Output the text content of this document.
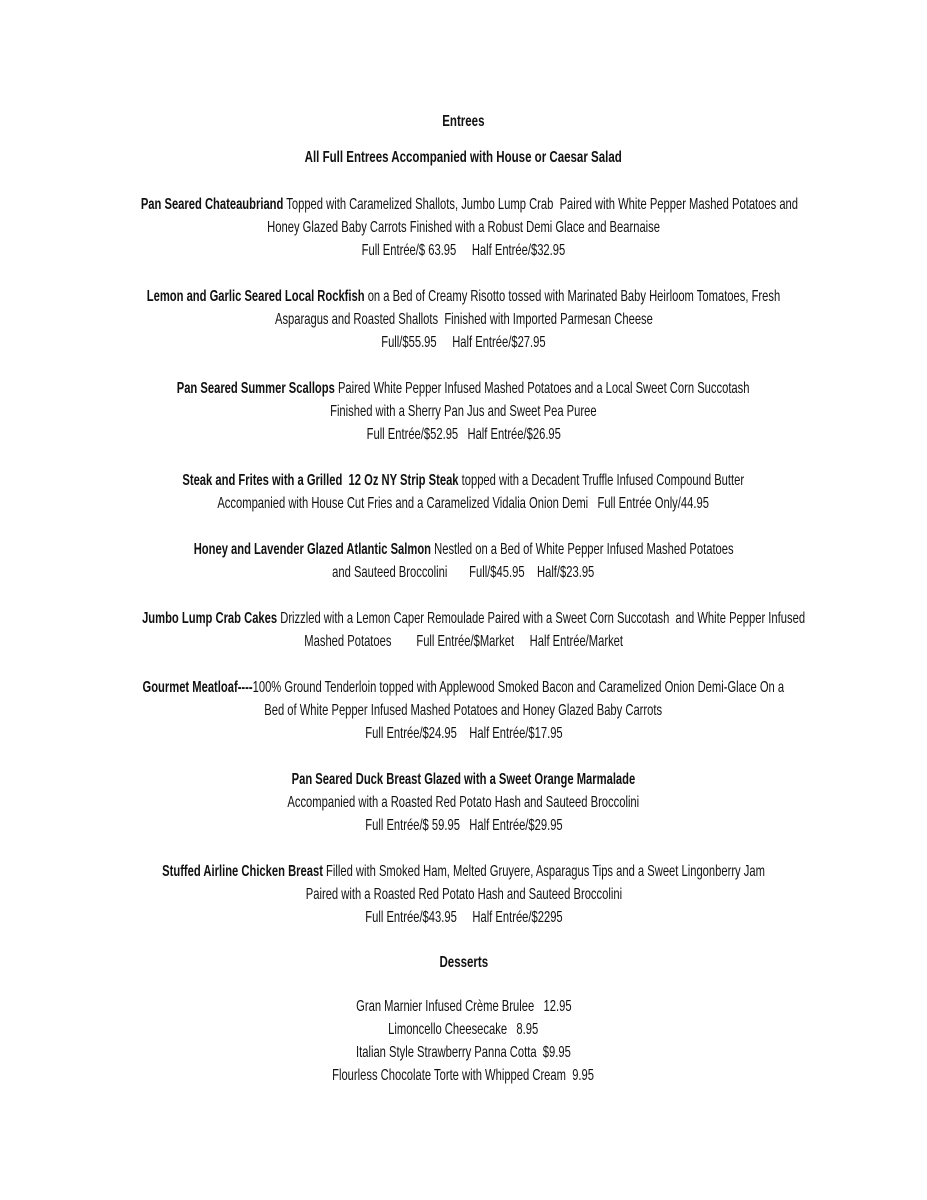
Entrees
All Full Entrees Accompanied with House or Caesar Salad
Pan Seared Chateaubriand Topped with Caramelized Shallots, Jumbo Lump Crab  Paired with White Pepper Mashed Potatoes and
Honey Glazed Baby Carrots Finished with a Robust Demi Glace and Bearnaise
Full Entrée/$ 63.95     Half Entrée/$32.95
Lemon and Garlic Seared Local Rockfish on a Bed of Creamy Risotto tossed with Marinated Baby Heirloom Tomatoes, Fresh
Asparagus and Roasted Shallots  Finished with Imported Parmesan Cheese
Full/$55.95     Half Entrée/$27.95
Pan Seared Summer Scallops Paired White Pepper Infused Mashed Potatoes and a Local Sweet Corn Succotash
Finished with a Sherry Pan Jus and Sweet Pea Puree
Full Entrée/$52.95   Half Entrée/$26.95
Steak and Frites with a Grilled  12 Oz NY Strip Steak topped with a Decadent Truffle Infused Compound Butter
Accompanied with House Cut Fries and a Caramelized Vidalia Onion Demi   Full Entrée Only/44.95
Honey and Lavender Glazed Atlantic Salmon Nestled on a Bed of White Pepper Infused Mashed Potatoes
and Sauteed Broccolini       Full/$45.95    Half/$23.95
Jumbo Lump Crab Cakes Drizzled with a Lemon Caper Remoulade Paired with a Sweet Corn Succotash  and White Pepper Infused
Mashed Potatoes        Full Entrée/$Market     Half Entrée/Market
Gourmet Meatloaf----100% Ground Tenderloin topped with Applewood Smoked Bacon and Caramelized Onion Demi-Glace On a
Bed of White Pepper Infused Mashed Potatoes and Honey Glazed Baby Carrots
Full Entrée/$24.95    Half Entrée/$17.95
Pan Seared Duck Breast Glazed with a Sweet Orange Marmalade
Accompanied with a Roasted Red Potato Hash and Sauteed Broccolini
Full Entrée/$ 59.95   Half Entrée/$29.95
Stuffed Airline Chicken Breast Filled with Smoked Ham, Melted Gruyere, Asparagus Tips and a Sweet Lingonberry Jam
Paired with a Roasted Red Potato Hash and Sauteed Broccolini
Full Entrée/$43.95     Half Entrée/$2295
Desserts
Gran Marnier Infused Crème Brulee   12.95
Limoncello Cheesecake   8.95
Italian Style Strawberry Panna Cotta  $9.95
Flourless Chocolate Torte with Whipped Cream  9.95
